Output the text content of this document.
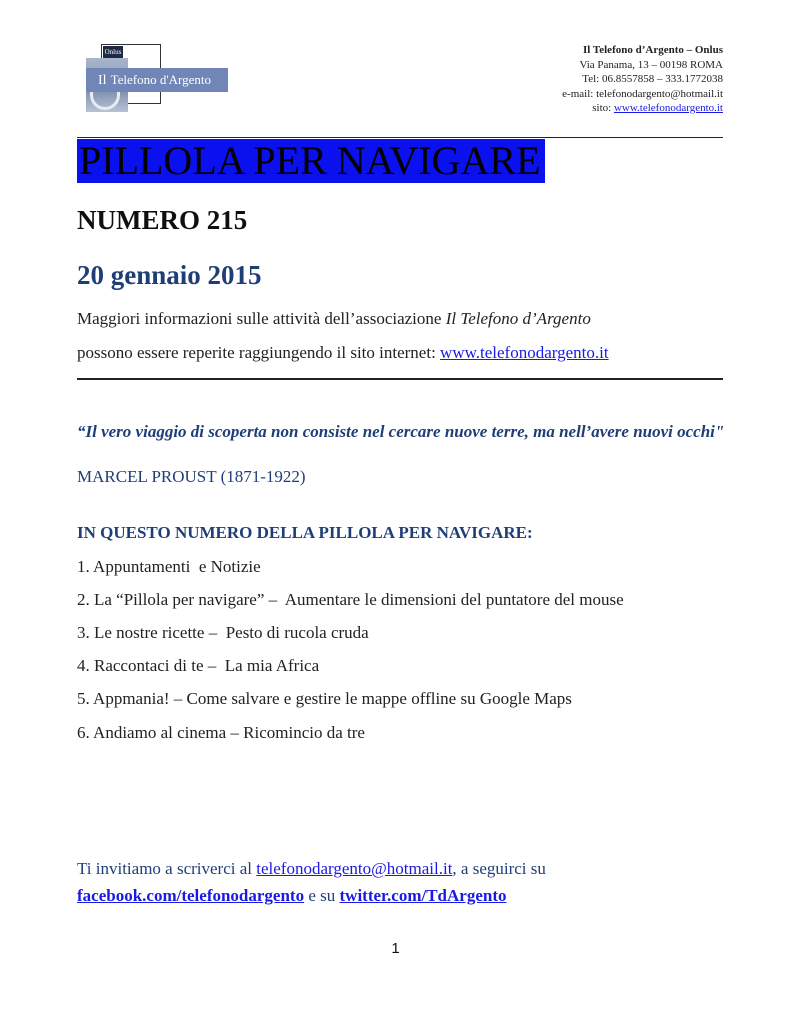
Onlus
Il Telefono d'Argento
Il Telefono d’Argento – Onlus
Via Panama, 13 – 00198 ROMA
Tel: 06.8557858 – 333.1772038
e-mail: telefonodargento@hotmail.it
sito: www.telefonodargento.it
PILLOLA PER NAVIGARE
NUMERO 215
20 gennaio 2015
Maggiori informazioni sulle attività dell’associazione Il Telefono d’Argento
possono essere reperite raggiungendo il sito internet: www.telefonodargento.it
“Il vero viaggio di scoperta non consiste nel cercare nuove terre, ma nell’avere nuovi occhi"
MARCEL PROUST (1871-1922)
IN QUESTO NUMERO DELLA PILLOLA PER NAVIGARE:
1. Appuntamenti  e Notizie
2. La “Pillola per navigare” –  Aumentare le dimensioni del puntatore del mouse
3. Le nostre ricette –  Pesto di rucola cruda
4. Raccontaci di te –  La mia Africa
5. Appmania! – Come salvare e gestire le mappe offline su Google Maps
6. Andiamo al cinema – Ricomincio da tre
Ti invitiamo a scriverci al telefonodargento@hotmail.it, a seguirci su
facebook.com/telefonodargento e su twitter.com/TdArgento
1
